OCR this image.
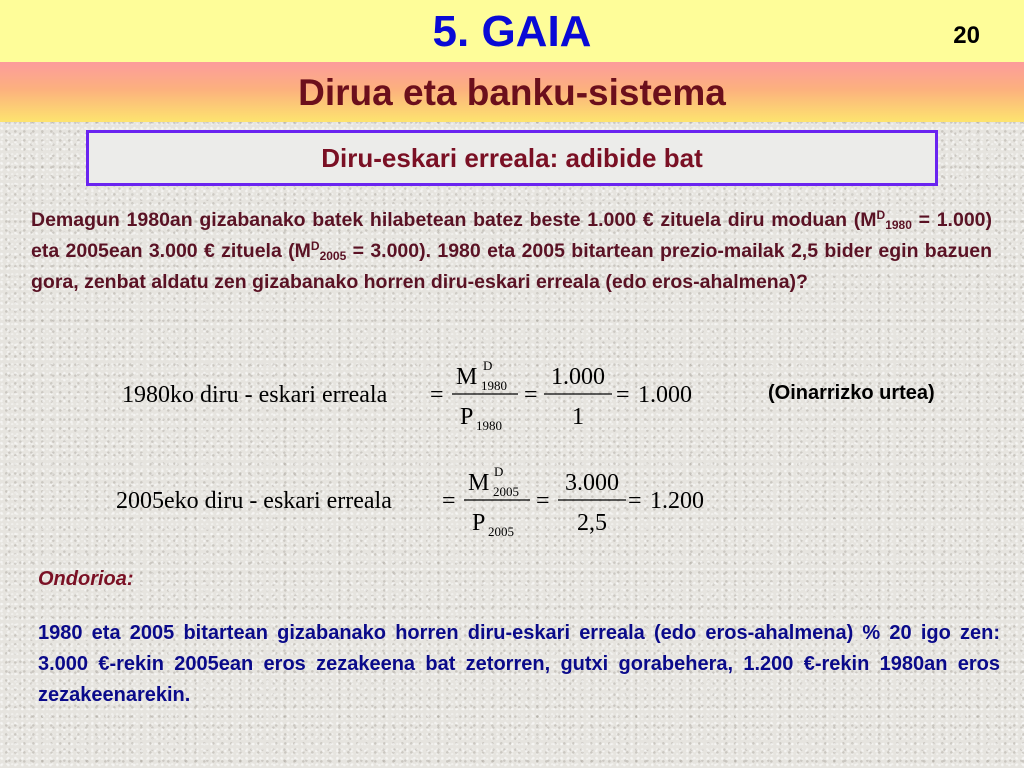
5. GAIA	20
Dirua eta banku-sistema
Diru-eskari erreala: adibide bat
Demagun 1980an gizabanako batek hilabetean batez beste 1.000 € zituela diru moduan $(M^D_{1980} = 1.000)$ eta 2005ean 3.000 € zituela $(M^D_{2005} = 3.000)$. 1980 eta 2005 bitartean prezio-mailak 2,5 bider egin bazuen gora, zenbat aldatu zen gizabanako horren diru-eskari erreala (edo eros-ahalmena)?
1980ko diru - eskari erreala =
M D
1980
P 1980
=
1.000
1
= 1.000	(Oinarrizko urtea)
2005eko diru - eskari erreala =
M D
2005
P 2005
=
3.000
2,5
= 1.200
Ondorioa:
1980 eta 2005 bitartean gizabanako horren diru-eskari erreala (edo eros-ahalmena) % 20 igo zen: 3.000 €-rekin 2005ean eros zezakeena bat zetorren, gutxi gorabehera, 1.200 €-rekin 1980an eros zezakeenarekin.
